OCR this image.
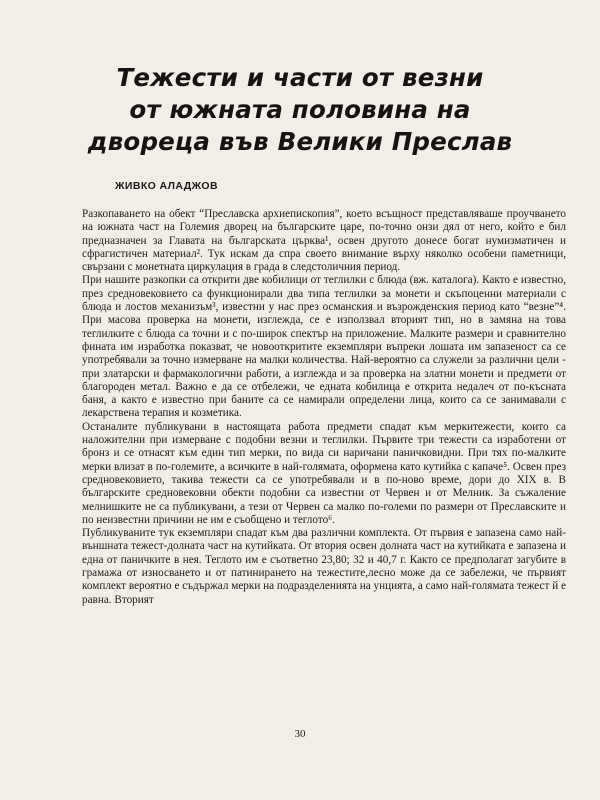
Тежести и части от везни
от южната половина на
двореца във Велики Преслав

ЖИВКО АЛАДЖОВ

Разкопаването на обект “Преславска архиепископия”, което всъщност представляваше проучването на южната част на Големия дворец на българските царе, по-точно онзи дял от него, който е бил предназначен за Главата на българската църква¹, освен другото донесе богат нумизматичен и сфрагистичен материал². Тук искам да спра своето внимание върху няколко особени паметници, свързани с монетната циркулация в града в следстоличния период.

При нашите разкопки са открити две кобилици от теглилки с блюда (вж. каталога). Както е известно, през средновековието са функционирали два типа теглилки за монети и скъпоценни материали с блюда и лостов механизъм³, известни у нас през османския и възрожденския период като “везне”⁴. При масова проверка на монети, изглежда, се е използвал вторият тип, но в замяна на това теглилките с блюда са точни и с по-широк спектър на приложение. Малките размери и сравнително фината им изработка показват, че новооткритите екземпляри въпреки лошата им запазеност са се употребявали за точно измерване на малки количества. Най-вероятно са служели за различни цели - при златарски и фармакологични работи, а изглежда и за проверка на златни монети и предмети от благороден метал. Важно е да се отбележи, че едната кобилица е открита недалеч от по-късната баня, а както е известно при баните са се намирали определени лица, които са се занимавали с лекарствена терапия и козметика.

Останалите публикувани в настоящата работа предмети спадат към меркитежести, които са наложителни при измерване с подобни везни и теглилки. Първите три тежести са изработени от бронз и се отнасят към един тип мерки, по вида си наричани паничковидни. При тях по-малките мерки влизат в по-големите, а всичките в най-голямата, оформена като кутийка с капаче⁵. Освен през средновековието, такива тежести са се употребявали и в по-ново време, дори до XIX в. В българските средновековни обекти подобни са известни от Червен и от Мелник. За съжаление мелнишките не са публикувани, а тези от Червен са малко по-големи по размери от Преславските и по неизвестни причини не им е съобщено и теглото⁶.

Публикуваните тук екземпляри спадат към два различни комплекта. От първия е запазена само най-външната тежест-долната част на кутийката. От втория освен долната част на кутийката е запазена и една от паничките в нея. Теглото им е съответно 23,80; 32 и 40,7 г. Както се предполагат загубите в грамажа от износването и от патинирането на тежестите,лесно може да се забележи, че първият комплект вероятно е съдържал мерки на подразделенията на унцията, а само най-голямата тежест й е равна. Вторият

30
